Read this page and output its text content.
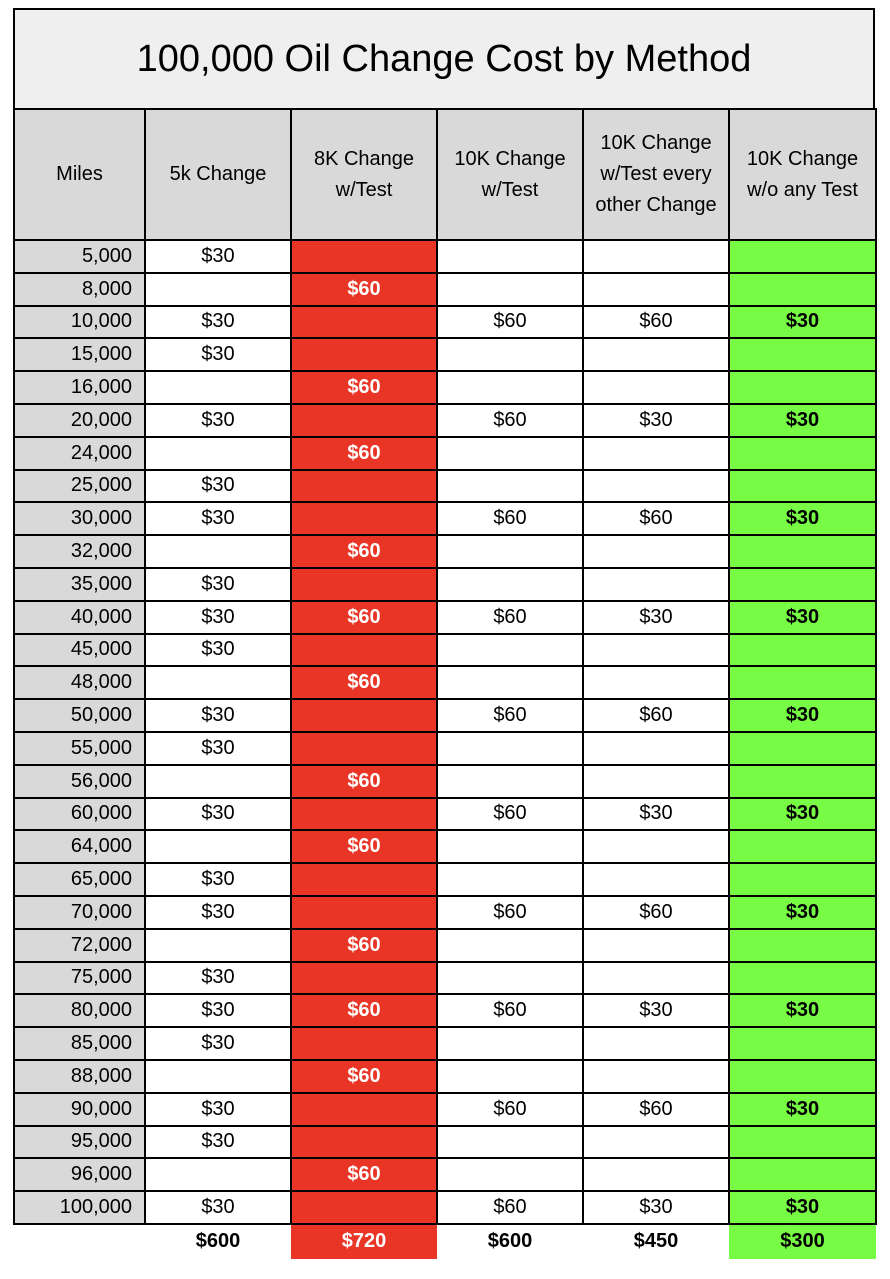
100,000 Oil Change Cost by Method
Miles	5k Change	8K Change w/Test	10K Change w/Test	10K Change w/Test every other Change	10K Change w/o any Test
5,000	$30				
8,000		$60			
10,000	$30		$60	$60	$30
15,000	$30				
16,000		$60			
20,000	$30		$60	$30	$30
24,000		$60			
25,000	$30				
30,000	$30		$60	$60	$30
32,000		$60			
35,000	$30				
40,000	$30	$60	$60	$30	$30
45,000	$30				
48,000		$60			
50,000	$30		$60	$60	$30
55,000	$30				
56,000		$60			
60,000	$30		$60	$30	$30
64,000		$60			
65,000	$30				
70,000	$30		$60	$60	$30
72,000		$60			
75,000	$30				
80,000	$30	$60	$60	$30	$30
85,000	$30				
88,000		$60			
90,000	$30		$60	$60	$30
95,000	$30				
96,000		$60			
100,000	$30		$60	$30	$30
	$600	$720	$600	$450	$300
